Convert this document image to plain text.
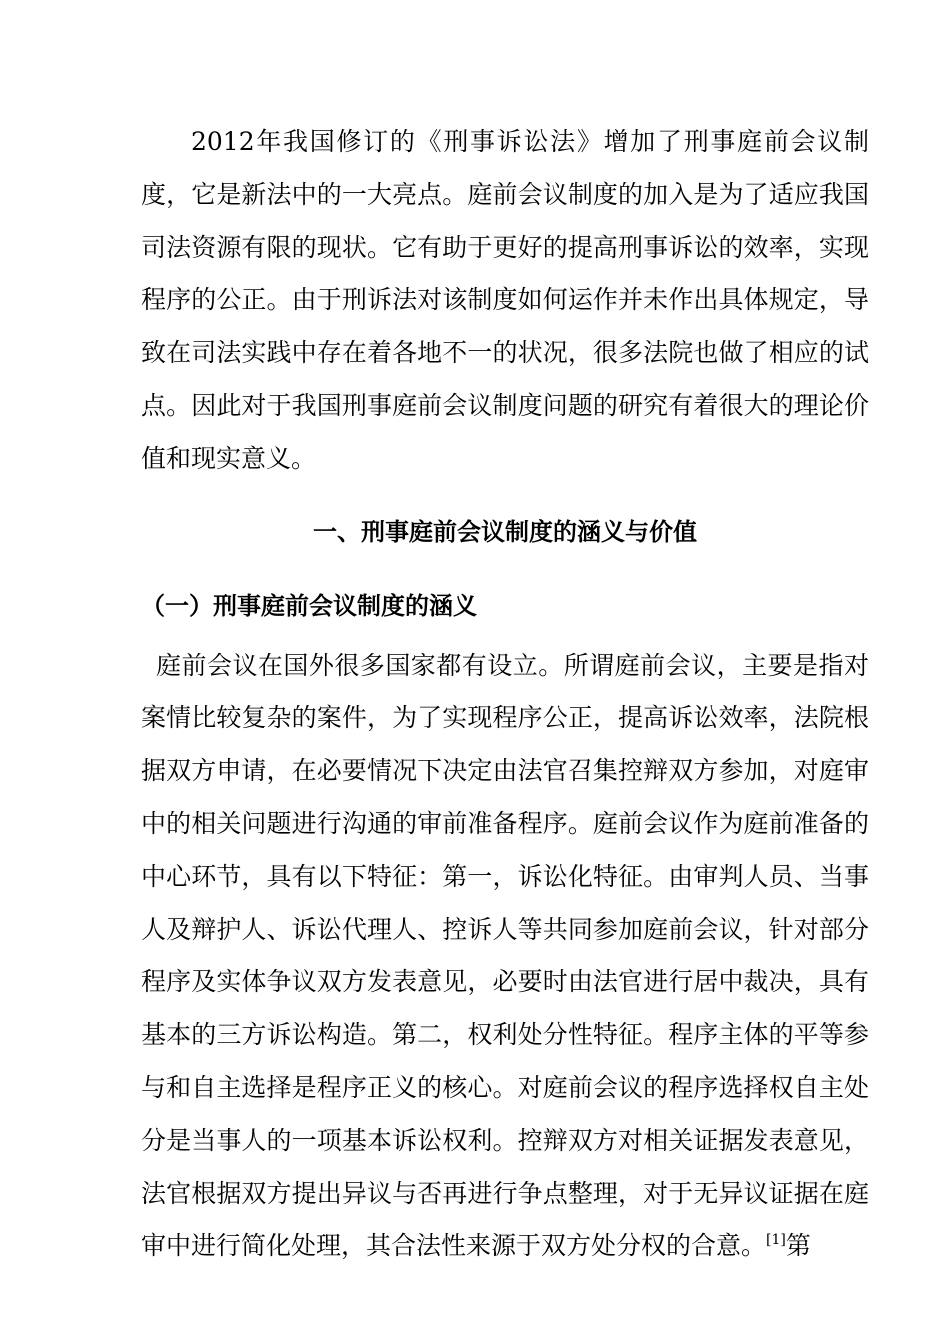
2012年我国修订的《刑事诉讼法》增加了刑事庭前会议制度，它是新法中的一大亮点。庭前会议制度的加入是为了适应我国司法资源有限的现状。它有助于更好的提高刑事诉讼的效率，实现程序的公正。由于刑诉法对该制度如何运作并未作出具体规定，导致在司法实践中存在着各地不一的状况，很多法院也做了相应的试点。因此对于我国刑事庭前会议制度问题的研究有着很大的理论价值和现实意义。

一、刑事庭前会议制度的涵义与价值
（一）刑事庭前会议制度的涵义

庭前会议在国外很多国家都有设立。所谓庭前会议，主要是指对案情比较复杂的案件，为了实现程序公正，提高诉讼效率，法院根据双方申请，在必要情况下决定由法官召集控辩双方参加，对庭审中的相关问题进行沟通的审前准备程序。庭前会议作为庭前准备的中心环节，具有以下特征：第一，诉讼化特征。由审判人员、当事人及辩护人、诉讼代理人、控诉人等共同参加庭前会议，针对部分程序及实体争议双方发表意见，必要时由法官进行居中裁决，具有基本的三方诉讼构造。第二，权利处分性特征。程序主体的平等参与和自主选择是程序正义的核心。对庭前会议的程序选择权自主处分是当事人的一项基本诉讼权利。控辩双方对相关证据发表意见，法官根据双方提出异议与否再进行争点整理，对于无异议证据在庭审中进行简化处理，其合法性来源于双方处分权的合意。[1]第
